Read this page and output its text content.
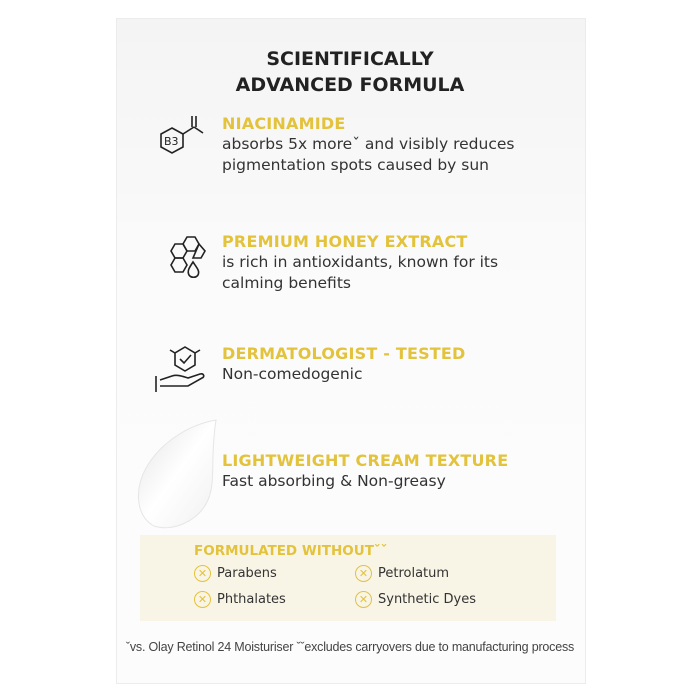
SCIENTIFICALLY
ADVANCED FORMULA
B3
NIACINAMIDE

absorbs 5x moreˇ and visibly reduces

pigmentation spots caused by sun

PREMIUM HONEY EXTRACT

is rich in antioxidants, known for its

calming benefits

DERMATOLOGIST - TESTED

Non-comedogenic

LIGHTWEIGHT CREAM TEXTURE

Fast absorbing & Non-greasy

FORMULATED WITHOUTˇˇ
✕ Parabens	✕ Petrolatum
✕ Phthalates	✕ Synthetic Dyes
ˇvs. Olay Retinol 24 Moisturiser ˇˇexcludes carryovers due to manufacturing process
